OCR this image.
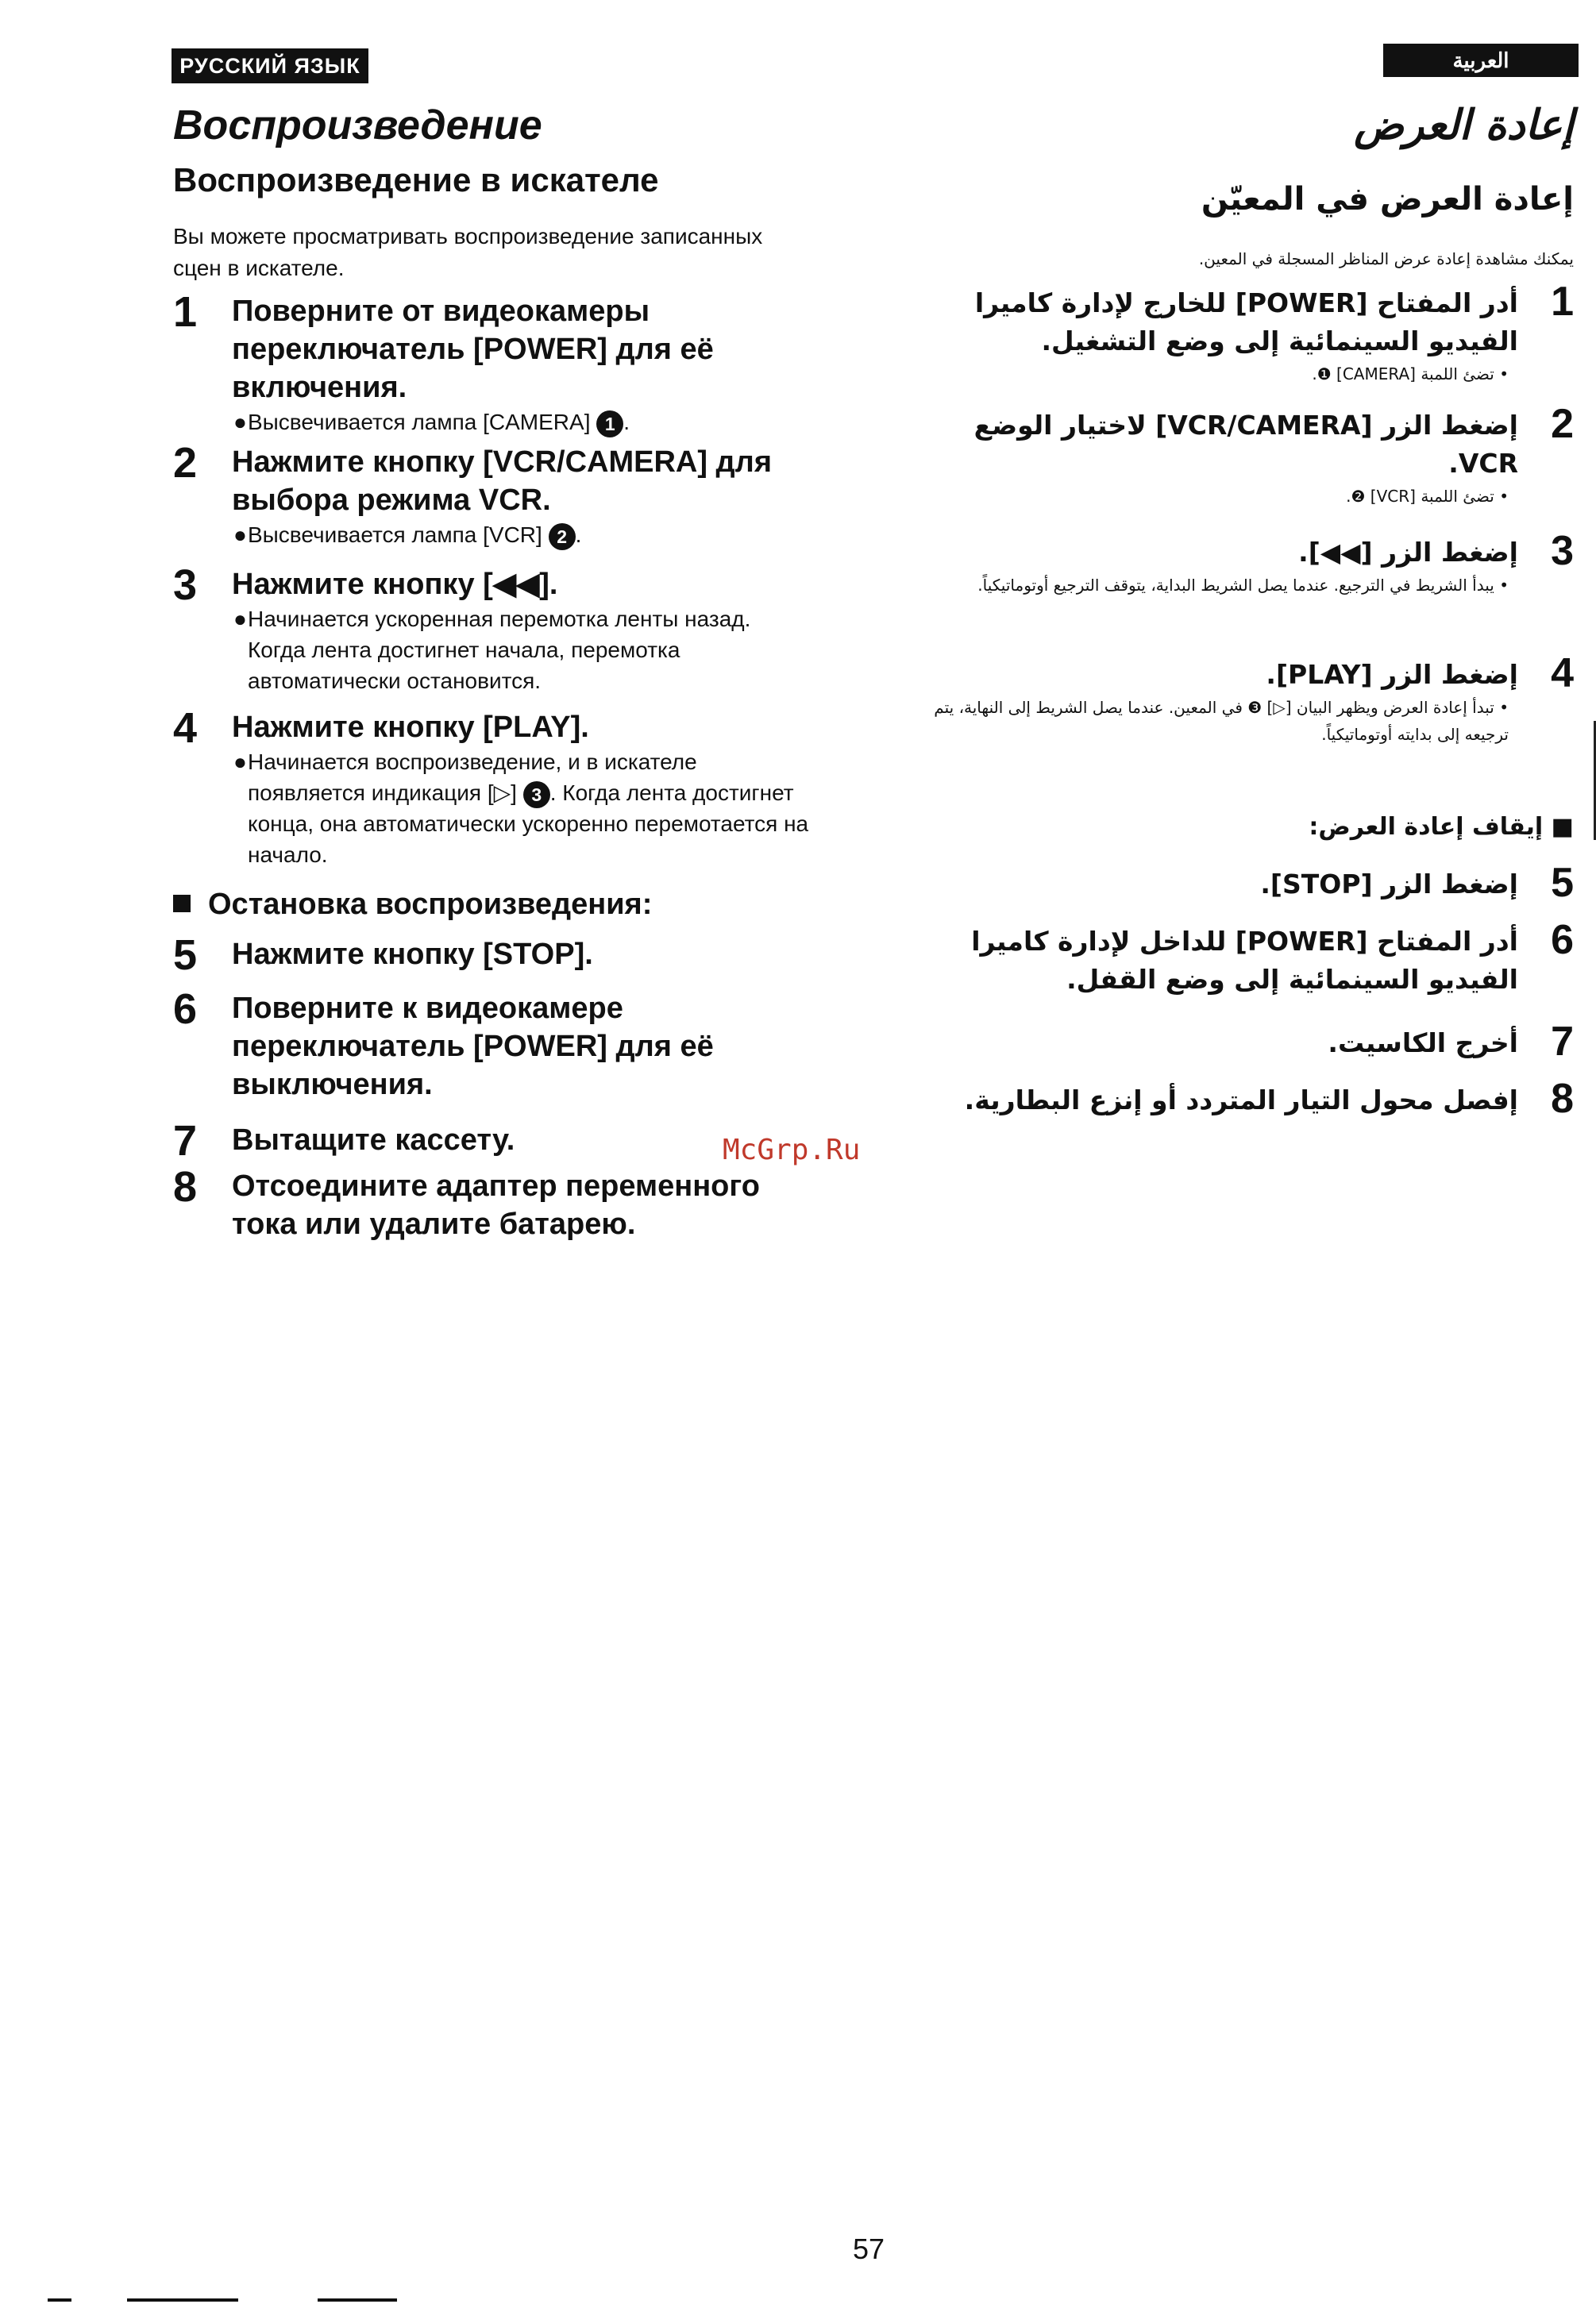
РУССКИЙ ЯЗЫК
Воспроизведение
Воспроизведение в искателе
Вы можете просматривать воспроизведение записанных сцен в искателе.
1 Поверните от видеокамеры переключатель [POWER] для её включения.
● Высвечивается лампа [CAMERA] 1 .
2 Нажмите кнопку [VCR/CAMERA] для выбора режима VCR.
● Высвечивается лампа [VCR] 2 .
3 Нажмите кнопку [◀◀].
● Начинается ускоренная перемотка ленты назад. Когда лента достигнет начала, перемотка автоматически остановится.
4 Нажмите кнопку [PLAY].
● Начинается воспроизведение, и в искателе появляется индикация [▷] 3 . Когда лента достигнет конца, она автоматически ускоренно перемотается на начало.
Остановка воспроизведения:
5 Нажмите кнопку [STOP].
6 Поверните к видеокамере переключатель [POWER] для её выключения.
7 Вытащите кассету.
8 Отсоедините адаптер переменного тока или удалите батарею.
McGrp.Ru
العربية
إعادة العرض
إعادة العرض في المعيّن
يمكنك مشاهدة إعادة عرض المناظر المسجلة في المعين.
1
أدر المفتاح [POWER] للخارج لإدارة كاميرا الفيديو السينمائية إلى وضع التشغيل.
• تضئ اللمبة [CAMERA] ❶.
2
إضغط الزر [VCR/CAMERA] لاختيار الوضع VCR.
• تضئ اللمبة [VCR] ❷.
3
إضغط الزر [◀◀].
• يبدأ الشريط في الترجيع. عندما يصل الشريط البداية، يتوقف الترجيع أوتوماتيكياً.
4
إضغط الزر [PLAY].
• تبدأ إعادة العرض ويظهر البيان [▷] ❸ في المعين. عندما يصل الشريط إلى النهاية، يتم ترجيعه إلى بدايته أوتوماتيكياً.
■ إيقاف إعادة العرض:
5
إضغط الزر [STOP].
6
أدر المفتاح [POWER] للداخل لإدارة كاميرا الفيديو السينمائية إلى وضع القفل.
7
أخرج الكاسيت.
8
إفصل محول التيار المتردد أو إنزع البطارية.
57
